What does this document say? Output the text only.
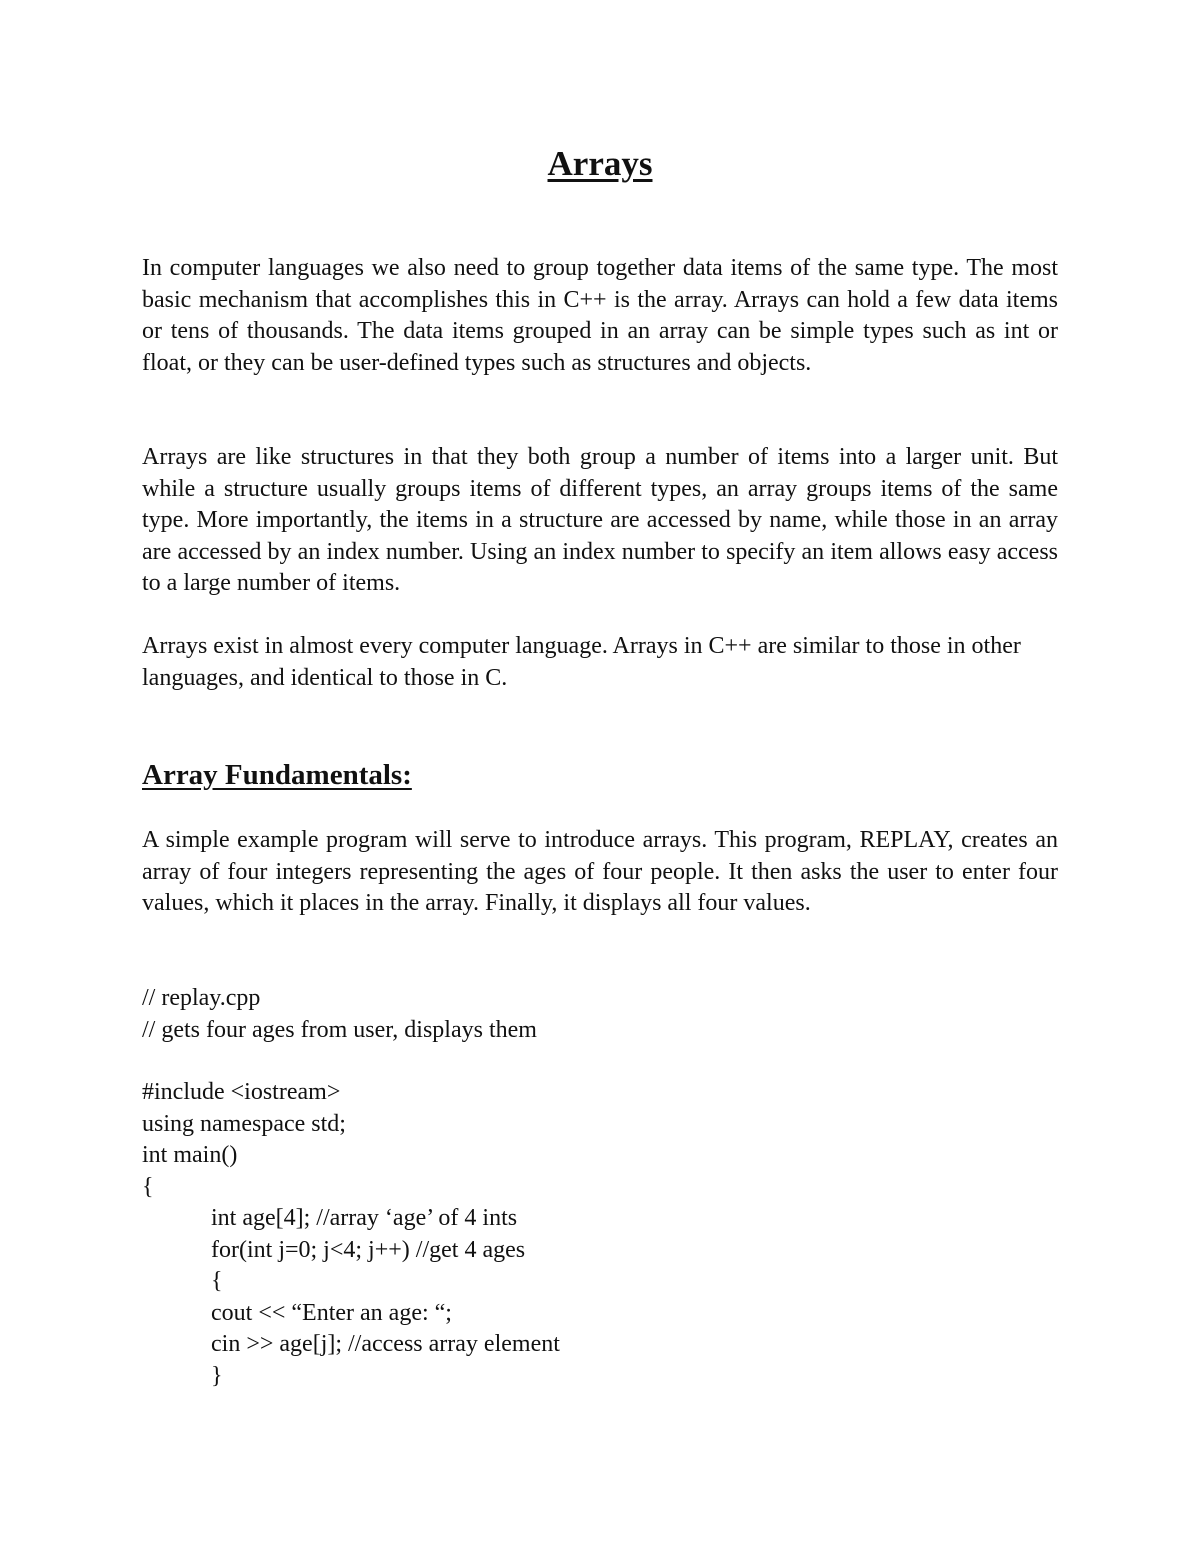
Arrays

In computer languages we also need to group together data items of the same type. The most basic mechanism that accomplishes this in C++ is the array. Arrays can hold a few data items or tens of thousands. The data items grouped in an array can be simple types such as int or float, or they can be user-defined types such as structures and objects.

Arrays are like structures in that they both group a number of items into a larger unit. But while a structure usually groups items of different types, an array groups items of the same type. More importantly, the items in a structure are accessed by name, while those in an array are accessed by an index number. Using an index number to specify an item allows easy access to a large number of items.

Arrays exist in almost every computer language. Arrays in C++ are similar to those in other languages, and identical to those in C.

Array Fundamentals:

A simple example program will serve to introduce arrays. This program, REPLAY, creates an array of four integers representing the ages of four people. It then asks the user to enter four values, which it places in the array. Finally, it displays all four values.

// replay.cpp
// gets four ages from user, displays them
#include <iostream>
using namespace std;
int main()
{
int age[4]; //array ‘age’ of 4 ints
for(int j=0; j<4; j++) //get 4 ages
{
cout << “Enter an age: “;
cin >> age[j]; //access array element
}
